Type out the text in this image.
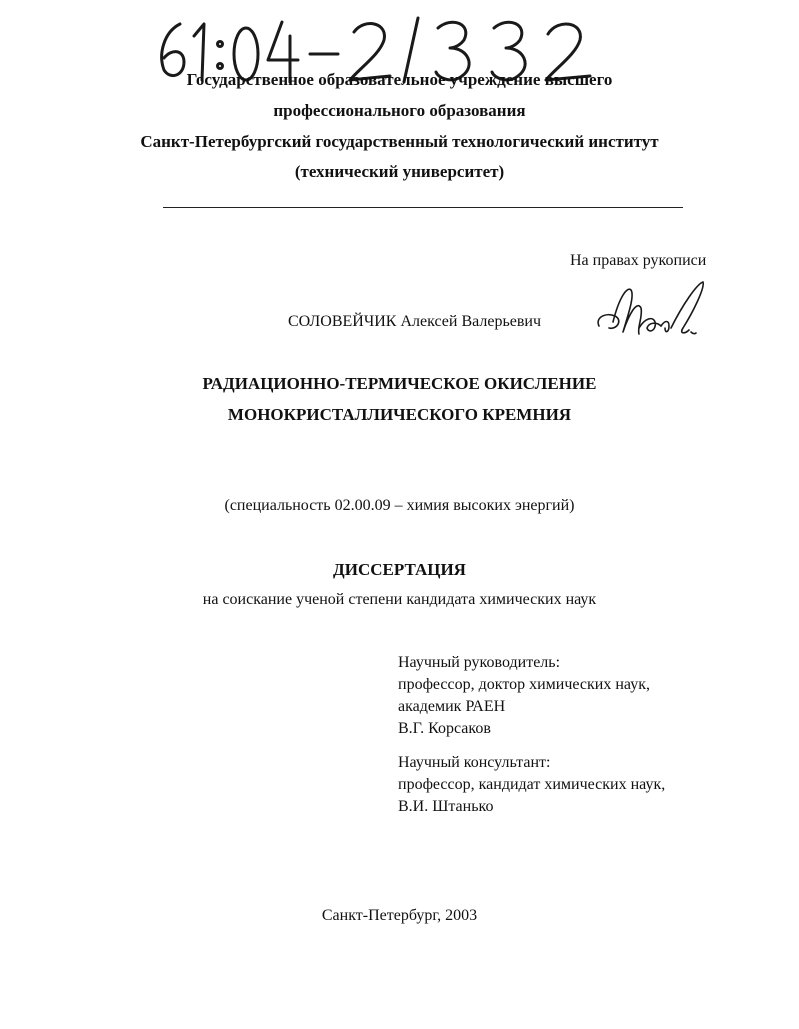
Государственное образовательное учреждение высшего
профессионального образования
Санкт-Петербургский государственный технологический институт
(технический университет)
На правах рукописи
СОЛОВЕЙЧИК Алексей Валерьевич
РАДИАЦИОННО-ТЕРМИЧЕСКОЕ ОКИСЛЕНИЕ
МОНОКРИСТАЛЛИЧЕСКОГО КРЕМНИЯ
(специальность 02.00.09 – химия высоких энергий)
ДИССЕРТАЦИЯ
на соискание ученой степени кандидата химических наук
Научный руководитель:
профессор, доктор химических наук,
академик РАЕН
В.Г. Корсаков
Научный консультант:
профессор, кандидат химических наук,
В.И. Штанько
Санкт-Петербург, 2003
